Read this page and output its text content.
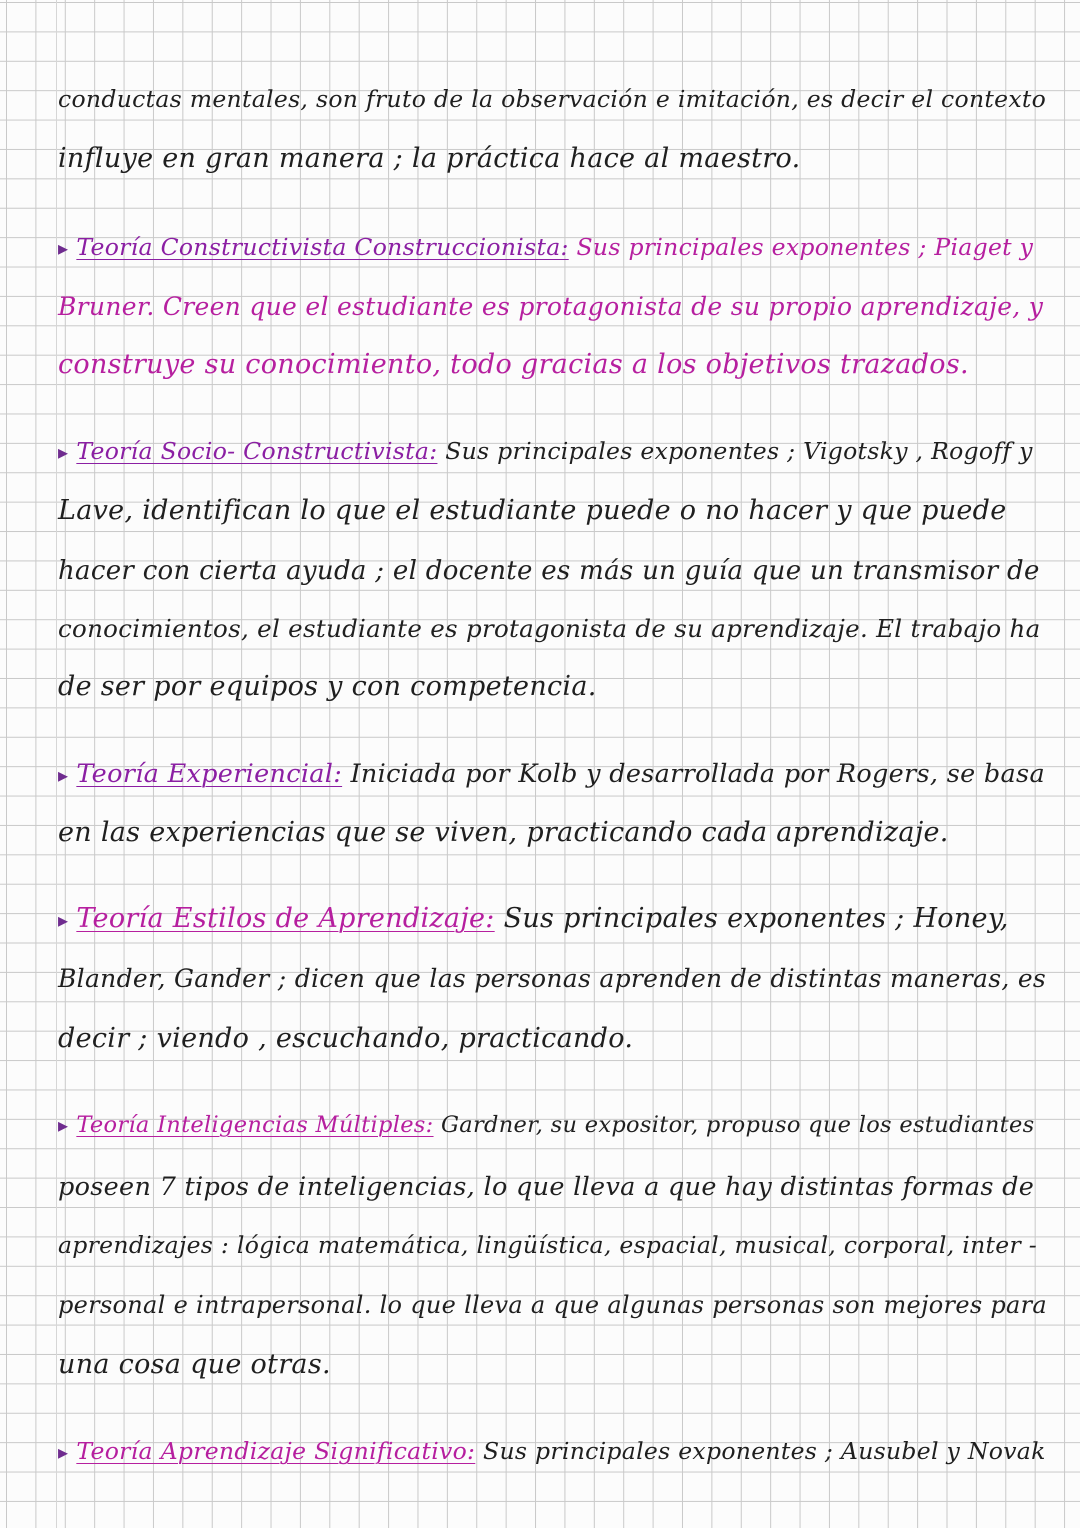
conductas mentales, son fruto de la observación e imitación, es decir el contexto
influye en gran manera ; la práctica hace al maestro.
▸ Teoría Constructivista Construccionista: Sus principales exponentes ; Piaget y
Bruner. Creen que el estudiante es protagonista de su propio aprendizaje, y
construye su conocimiento, todo gracias a los objetivos trazados.
▸ Teoría Socio- Constructivista: Sus principales exponentes ; Vigotsky , Rogoff y
Lave, identifican lo que el estudiante puede o no hacer y que puede
hacer con cierta ayuda ; el docente es más un guía que un transmisor de
conocimientos, el estudiante es protagonista de su aprendizaje. El trabajo ha
de ser por equipos y con competencia.
▸ Teoría Experiencial: Iniciada por Kolb y desarrollada por Rogers, se basa
en las experiencias que se viven, practicando cada aprendizaje.
▸ Teoría Estilos de Aprendizaje: Sus principales exponentes ; Honey,
Blander, Gander ; dicen que las personas aprenden de distintas maneras, es
decir ; viendo , escuchando, practicando.
▸ Teoría Inteligencias Múltiples: Gardner, su expositor, propuso que los estudiantes
poseen 7 tipos de inteligencias, lo que lleva a que hay distintas formas de
aprendizajes : lógica matemática, lingüística, espacial, musical, corporal, inter -
personal e intrapersonal. lo que lleva a que algunas personas son mejores para
una cosa que otras.
▸ Teoría Aprendizaje Significativo: Sus principales exponentes ; Ausubel y Novak
